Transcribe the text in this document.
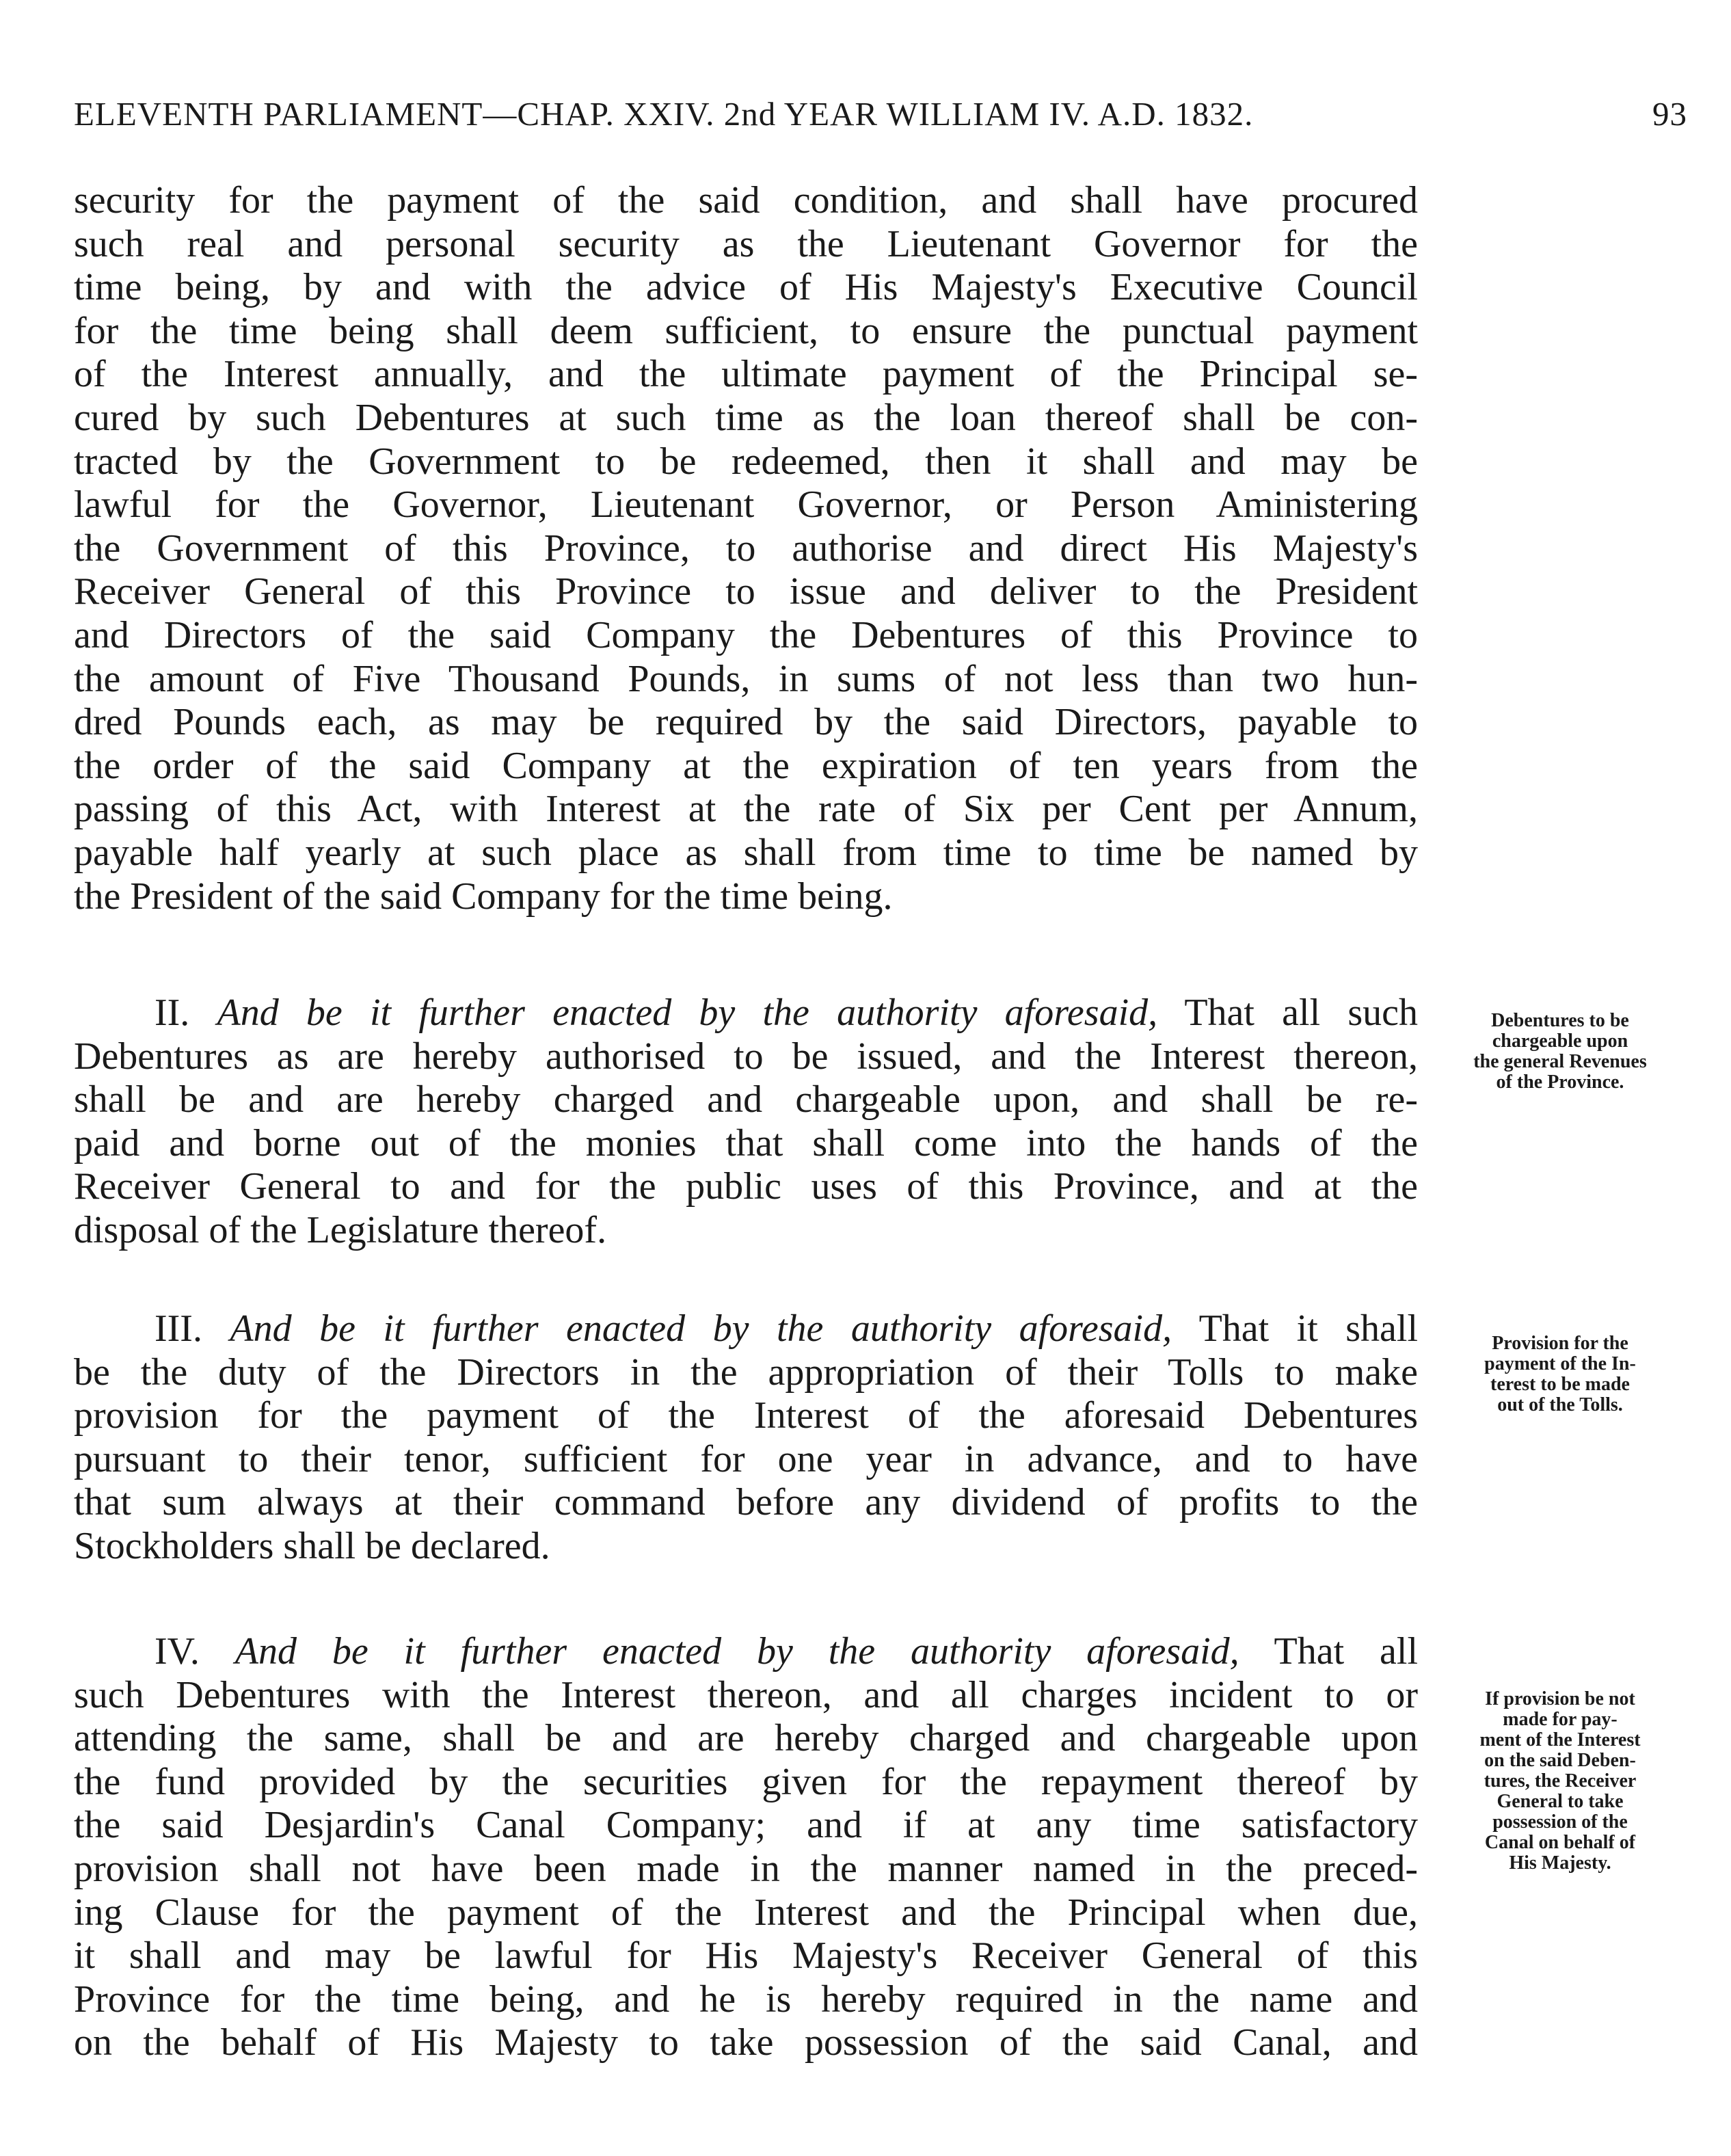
ELEVENTH PARLIAMENT—CHAP. XXIV. 2nd YEAR WILLIAM IV. A.D. 1832.	93
security for the payment of the said condition, and shall have procured
such real and personal security as the Lieutenant Governor for the
time being, by and with the advice of His Majesty's Executive Council
for the time being shall deem sufficient, to ensure the punctual payment
of the Interest annually, and the ultimate payment of the Principal se-
cured by such Debentures at such time as the loan thereof shall be con-
tracted by the Government to be redeemed, then it shall and may be
lawful for the Governor, Lieutenant Governor, or Person Aministering
the Government of this Province, to authorise and direct His Majesty's
Receiver General of this Province to issue and deliver to the President
and Directors of the said Company the Debentures of this Province to
the amount of Five Thousand Pounds, in sums of not less than two hun-
dred Pounds each, as may be required by the said Directors, payable to
the order of the said Company at the expiration of ten years from the
passing of this Act, with Interest at the rate of Six per Cent per Annum,
payable half yearly at such place as shall from time to time be named by
the President of the said Company for the time being.
II. And be it further enacted by the authority aforesaid, That all such
Debentures as are hereby authorised to be issued, and the Interest thereon,
shall be and are hereby charged and chargeable upon, and shall be re-
paid and borne out of the monies that shall come into the hands of the
Receiver General to and for the public uses of this Province, and at the
disposal of the Legislature thereof.
Debentures to be
chargeable upon
the general Revenues
of the Province.
III. And be it further enacted by the authority aforesaid, That it shall
be the duty of the Directors in the appropriation of their Tolls to make
provision for the payment of the Interest of the aforesaid Debentures
pursuant to their tenor, sufficient for one year in advance, and to have
that sum always at their command before any dividend of profits to the
Stockholders shall be declared.
Provision for the
payment of the In-
terest to be made
out of the Tolls.
IV. And be it further enacted by the authority aforesaid, That all
such Debentures with the Interest thereon, and all charges incident to or
attending the same, shall be and are hereby charged and chargeable upon
the fund provided by the securities given for the repayment thereof by
the said Desjardin's Canal Company; and if at any time satisfactory
provision shall not have been made in the manner named in the preced-
ing Clause for the payment of the Interest and the Principal when due,
it shall and may be lawful for His Majesty's Receiver General of this
Province for the time being, and he is hereby required in the name and
on the behalf of His Majesty to take possession of the said Canal, and
If provision be not
made for pay-
ment of the Interest
on the said Deben-
tures, the Receiver
General to take
possession of the
Canal on behalf of
His Majesty.
